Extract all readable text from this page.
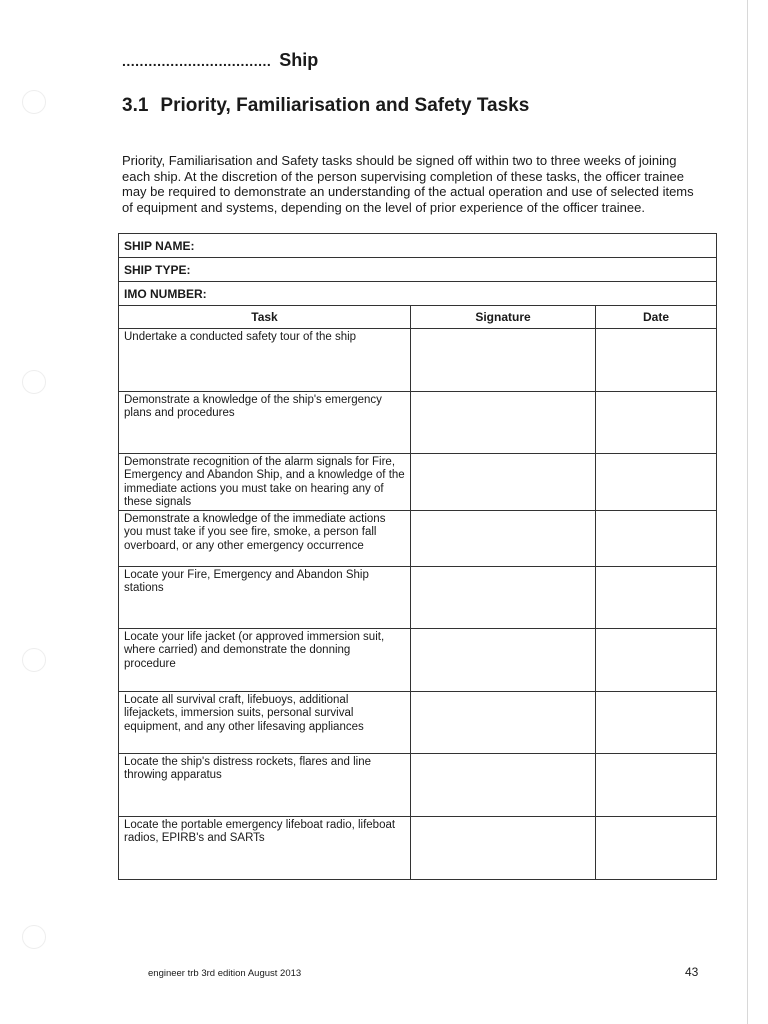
.................................. Ship
3.1 Priority, Familiarisation and Safety Tasks

Priority, Familiarisation and Safety tasks should be signed off within two to three weeks of joining each ship. At the discretion of the person supervising completion of these tasks, the officer trainee may be required to demonstrate an understanding of the actual operation and use of selected items of equipment and systems, depending on the level of prior experience of the officer trainee.

SHIP NAME:		
SHIP TYPE:		
IMO NUMBER:		
Task	Signature	Date
Undertake a conducted safety tour of the ship		
Demonstrate a knowledge of the ship's emergency plans and procedures		
Demonstrate recognition of the alarm signals for Fire, Emergency and Abandon Ship, and a knowledge of the immediate actions you must take on hearing any of these signals		
Demonstrate a knowledge of the immediate actions you must take if you see fire, smoke, a person fall overboard, or any other emergency occurrence		
Locate your Fire, Emergency and Abandon Ship stations		
Locate your life jacket (or approved immersion suit, where carried) and demonstrate the donning procedure		
Locate all survival craft, lifebuoys, additional lifejackets, immersion suits, personal survival equipment, and any other lifesaving appliances		
Locate the ship's distress rockets, flares and line throwing apparatus		
Locate the portable emergency lifeboat radio, lifeboat radios, EPIRB's and SARTs		
engineer trb 3rd edition August 2013	43
